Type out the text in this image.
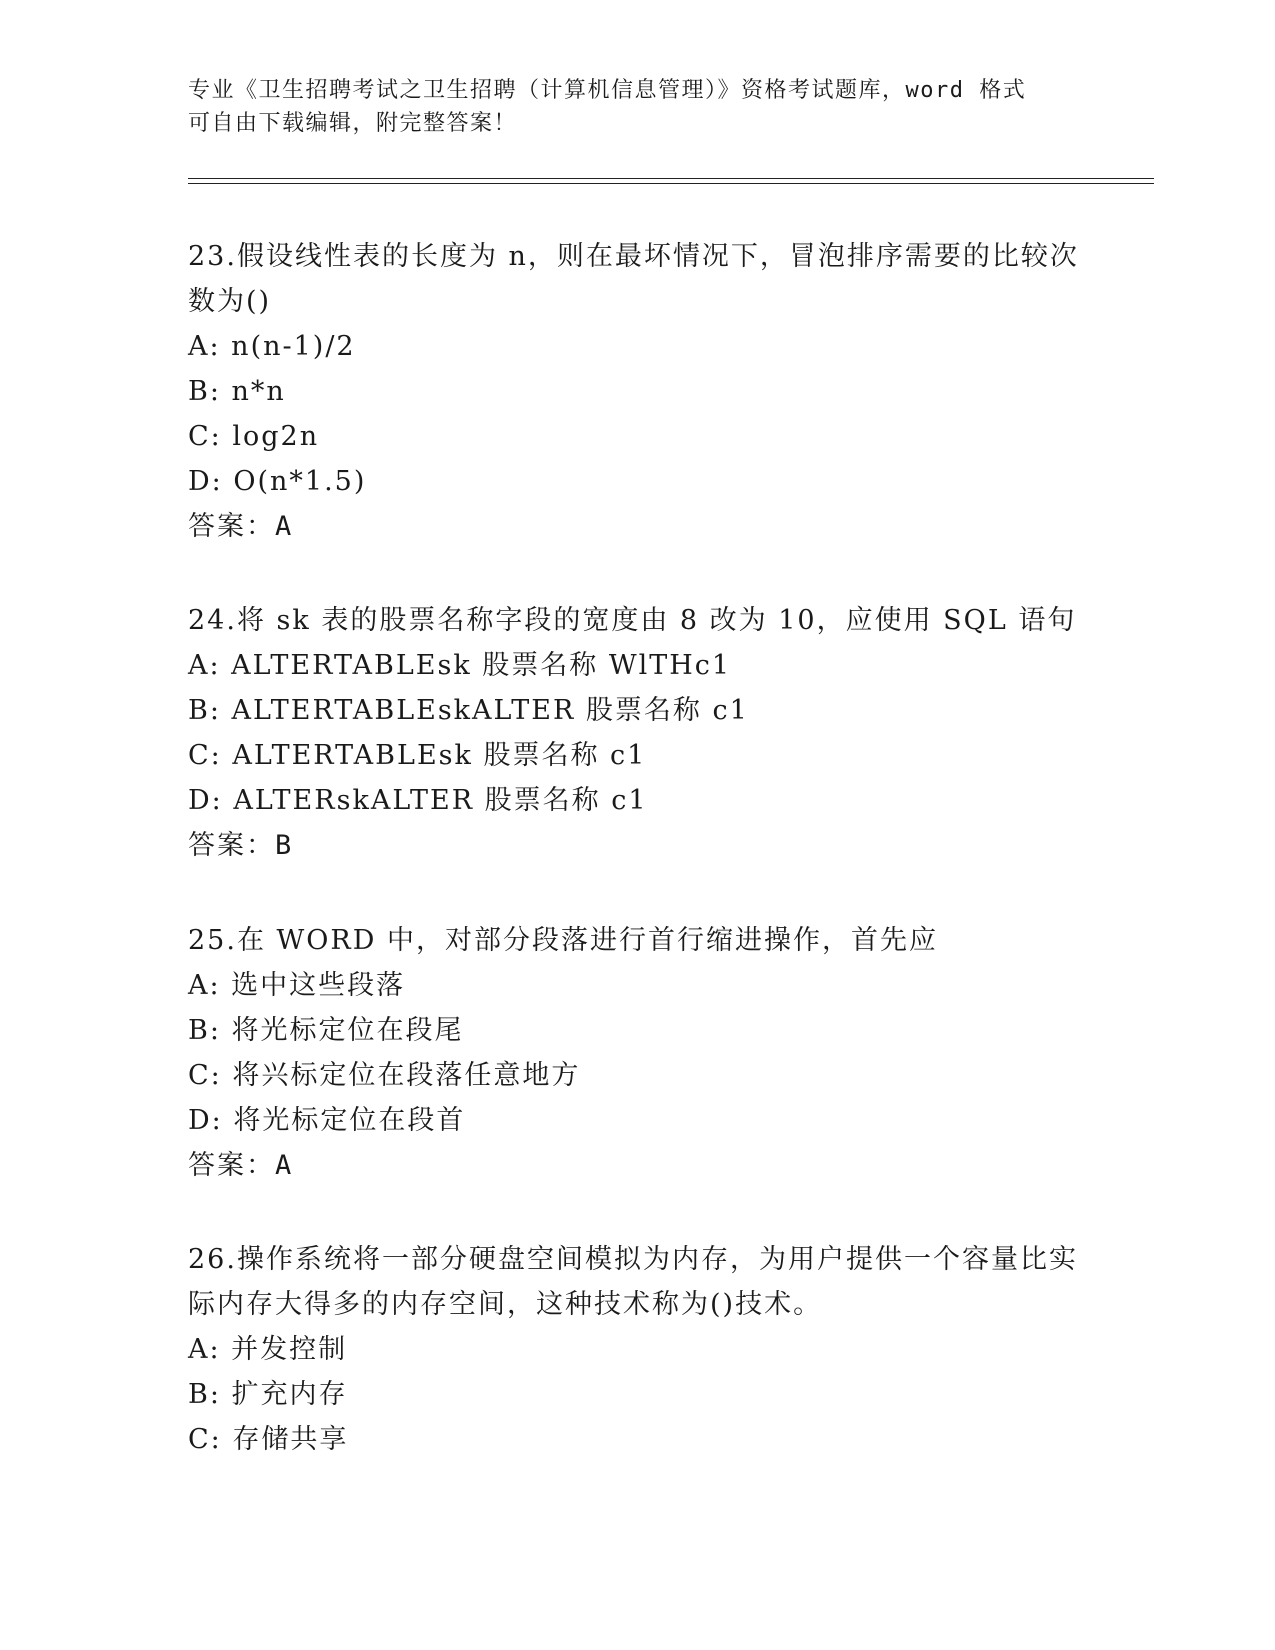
专业《卫生招聘考试之卫生招聘（计算机信息管理）》资格考试题库，word 格式
可自由下载编辑，附完整答案！
23.假设线性表的长度为 n，则在最坏情况下，冒泡排序需要的比较次
数为()
A: n(n-1)/2
B: n*n
C: log2n
D: O(n*1.5)
答案：A
24.将 sk 表的股票名称字段的宽度由 8 改为 10，应使用 SQL 语句
A: ALTERTABLEsk 股票名称 WlTHc1
B: ALTERTABLEskALTER 股票名称 c1
C: ALTERTABLEsk 股票名称 c1
D: ALTERskALTER 股票名称 c1
答案：B
25.在 WORD 中，对部分段落进行首行缩进操作，首先应
A: 选中这些段落
B: 将光标定位在段尾
C: 将兴标定位在段落任意地方
D: 将光标定位在段首
答案：A
26.操作系统将一部分硬盘空间模拟为内存，为用户提供一个容量比实
际内存大得多的内存空间，这种技术称为()技术。
A: 并发控制
B: 扩充内存
C: 存储共享
